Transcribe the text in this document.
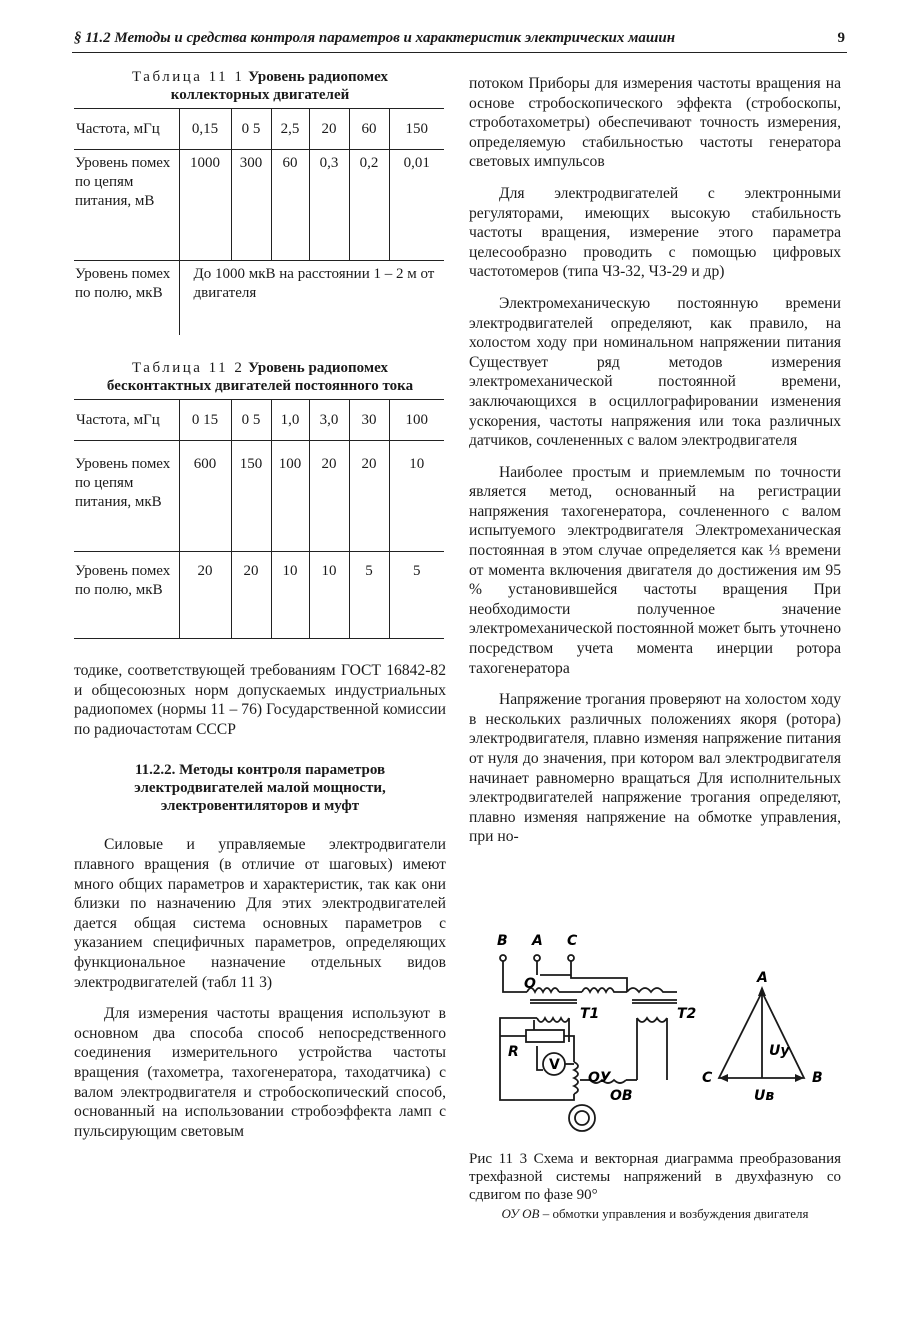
§ 11.2 Методы и средства контроля параметров и характеристик электрических машин	9
Таблица 11 1 Уровень радиопомех
коллекторных двигателей
Частота, мГц	0,15	0 5	2,5	20	60	150
Уровень помех по цепям питания, мВ	1000	300	60	0,3	0,2	0,01
Уровень помех по полю, мкВ	До 1000 мкВ на расстоянии 1 – 2 м от двигателя					
Таблица 11 2 Уровень радиопомех
бесконтактных двигателей постоянного тока
Частота, мГц	0 15	0 5	1,0	3,0	30	100
Уровень помех по цепям питания, мкВ	600	150	100	20	20	10
Уровень помех по полю, мкВ	20	20	10	10	5	5

тодике, соответствующей требованиям ГОСТ 16842-82 и общесоюзных норм допускаемых индустриальных радиопомех (нормы 11 – 76) Государственной комиссии по радиочастотам СССР

11.2.2. Методы контроля параметров
электродвигателей малой мощности,
электровентиляторов и муфт

Силовые и управляемые электродвигатели плавного вращения (в отличие от шаговых) имеют много общих параметров и характеристик, так как они близки по назначению Для этих электродвигателей дается общая система основных параметров с указанием специфичных параметров, определяющих функциональное назначение отдельных видов электродвигателей (табл 11 3)

Для измерения частоты вращения используют в основном два способа способ непосредственного соединения измерительного устройства частоты вращения (тахометра, тахогенератора, таходатчика) с валом электродвигателя и стробоскопический способ, основанный на использовании стробоэффекта ламп с пульсирующим световым

потоком Приборы для измерения частоты вращения на основе стробоскопического эффекта (стробоскопы, строботахометры) обеспечивают точность измерения, определяемую стабильностью частоты генератора световых импульсов

Для электродвигателей с электронными регуляторами, имеющих высокую стабильность частоты вращения, измерение этого параметра целесообразно проводить с помощью цифровых частотомеров (типа ЧЗ-32, ЧЗ-29 и др)

Электромеханическую постоянную времени электродвигателей определяют, как правило, на холостом ходу при номинальном напряжении питания Существует ряд методов измерения электромеханической постоянной времени, заключающихся в осциллографировании изменения ускорения, частоты напряжения или тока различных датчиков, сочлененных с валом электродвигателя

Наиболее простым и приемлемым по точности является метод, основанный на регистрации напряжения тахогенератора, сочлененного с валом испытуемого электродвигателя Электромеханическая постоянная в этом случае определяется как ⅓ времени от момента включения двигателя до достижения им 95 % установившейся частоты вращения При необходимости полученное значение электромеханической постоянной может быть уточнено посредством учета момента инерции ротора тахогенератора

Напряжение трогания проверяют на холостом ходу в нескольких различных положениях якоря (ротора) электродвигателя, плавно изменяя напряжение питания от нуля до значения, при котором вал электродвигателя начинает равномерно вращаться Для исполнительных электродвигателей напряжение трогания определяют, плавно изменяя напряжение на обмотке управления, при но-

B A C
O
T1	T2
R
V
ОУ
ОВ
A
C	B
Uy
Uв
Рис 11 3 Схема и векторная диаграмма преобразования трехфазной системы напряжений в двухфазную со сдвигом по фазе 90°
ОУ ОВ – обмотки управления и возбуждения двигателя
